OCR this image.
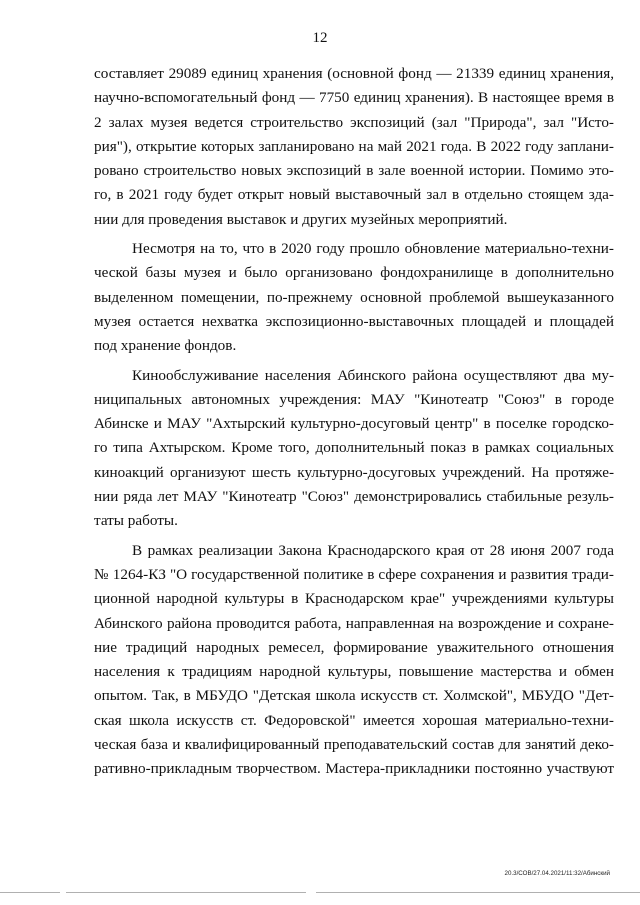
12
составляет 29089 единиц хранения (основной фонд — 21339 единиц хранения,
научно-вспомогательный фонд — 7750 единиц хранения). В настоящее время в
2 залах музея ведется строительство экспозиций (зал "Природа", зал "Исто-
рия"), открытие которых запланировано на май 2021 года. В 2022 году заплани-
ровано строительство новых экспозиций в зале военной истории. Помимо это-
го, в 2021 году будет открыт новый выставочный зал в отдельно стоящем зда-
нии для проведения выставок и других музейных мероприятий.
Несмотря на то, что в 2020 году прошло обновление материально-техни-
ческой базы музея и было организовано фондохранилище в дополнительно
выделенном помещении, по-прежнему основной проблемой вышеуказанного
музея остается нехватка экспозиционно-выставочных площадей и площадей
под хранение фондов.
Кинообслуживание населения Абинского района осуществляют два му-
ниципальных автономных учреждения: МАУ "Кинотеатр "Союз" в городе
Абинске и МАУ "Ахтырский культурно-досуговый центр" в поселке городско-
го типа Ахтырском. Кроме того, дополнительный показ в рамках социальных
киноакций организуют шесть культурно-досуговых учреждений. На протяже-
нии ряда лет МАУ "Кинотеатр "Союз" демонстрировались стабильные резуль-
таты работы.
В рамках реализации Закона Краснодарского края от 28 июня 2007 года
№ 1264-КЗ "О государственной политике в сфере сохранения и развития тради-
ционной народной культуры в Краснодарском крае" учреждениями культуры
Абинского района проводится работа, направленная на возрождение и сохране-
ние традиций народных ремесел, формирование уважительного отношения
населения к традициям народной культуры, повышение мастерства и обмен
опытом. Так, в МБУДО "Детская школа искусств ст. Холмской", МБУДО "Дет-
ская школа искусств ст. Федоровской" имеется хорошая материально-техни-
ческая база и квалифицированный преподавательский состав для занятий деко-
ративно-прикладным творчеством. Мастера-прикладники постоянно участвуют
20.3/СОВ/27.04.2021/11:32/Абинский
